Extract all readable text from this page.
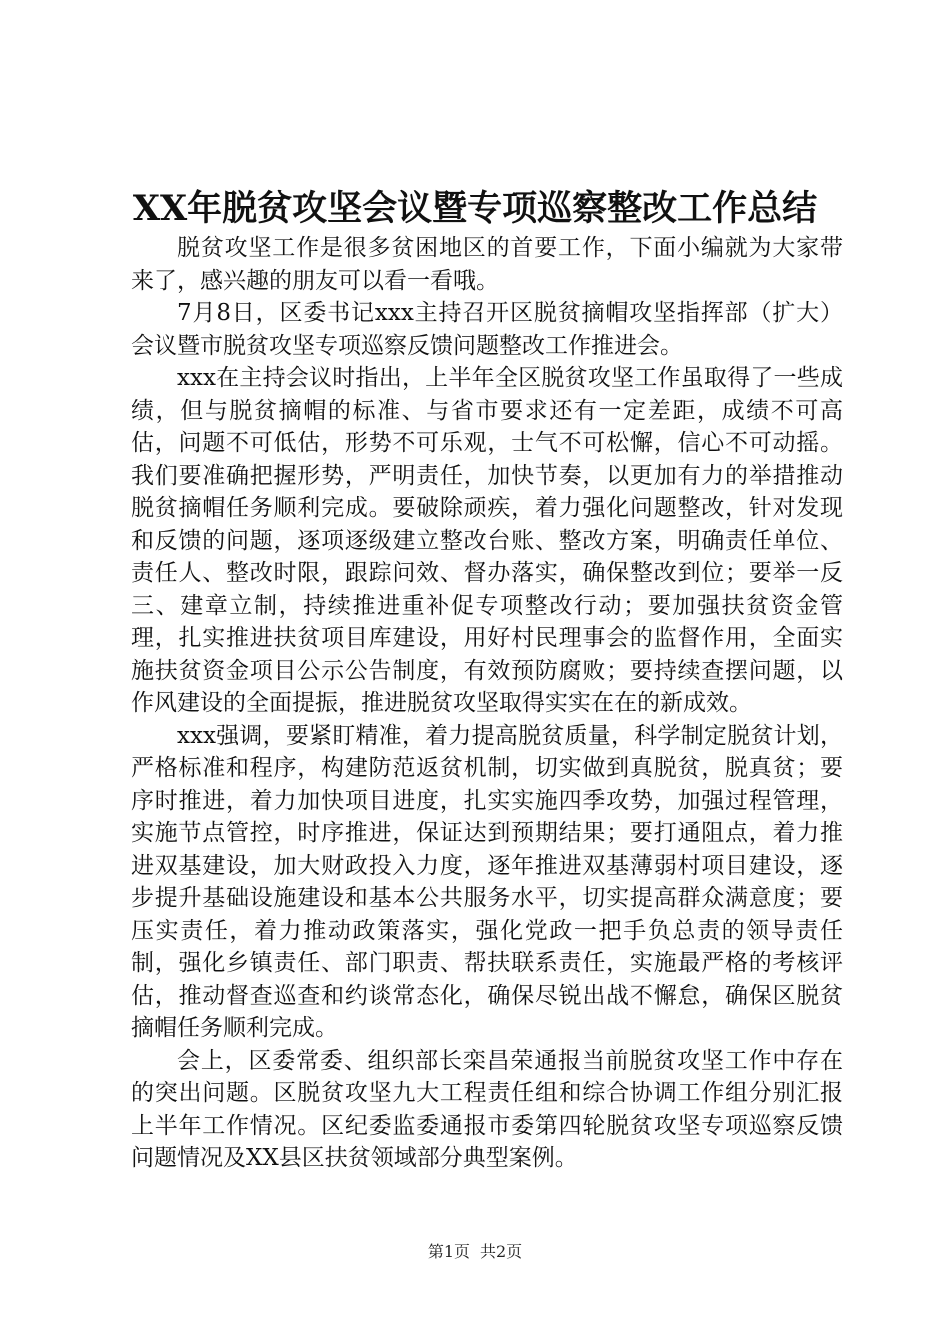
XX年脱贫攻坚会议暨专项巡察整改工作总结

脱贫攻坚工作是很多贫困地区的首要工作，下面小编就为大家带来了，感兴趣的朋友可以看一看哦。

7月8日，区委书记xxx主持召开区脱贫摘帽攻坚指挥部（扩大）会议暨市脱贫攻坚专项巡察反馈问题整改工作推进会。

xxx在主持会议时指出，上半年全区脱贫攻坚工作虽取得了一些成绩，但与脱贫摘帽的标准、与省市要求还有一定差距，成绩不可高估，问题不可低估，形势不可乐观，士气不可松懈，信心不可动摇。我们要准确把握形势，严明责任，加快节奏，以更加有力的举措推动脱贫摘帽任务顺利完成。要破除顽疾，着力强化问题整改，针对发现和反馈的问题，逐项逐级建立整改台账、整改方案，明确责任单位、责任人、整改时限，跟踪问效、督办落实，确保整改到位；要举一反三、建章立制，持续推进重补促专项整改行动；要加强扶贫资金管理，扎实推进扶贫项目库建设，用好村民理事会的监督作用，全面实施扶贫资金项目公示公告制度，有效预防腐败；要持续查摆问题，以作风建设的全面提振，推进脱贫攻坚取得实实在在的新成效。

xxx强调，要紧盯精准，着力提高脱贫质量，科学制定脱贫计划，严格标准和程序，构建防范返贫机制，切实做到真脱贫，脱真贫；要序时推进，着力加快项目进度，扎实实施四季攻势，加强过程管理，实施节点管控，时序推进，保证达到预期结果；要打通阻点，着力推进双基建设，加大财政投入力度，逐年推进双基薄弱村项目建设，逐步提升基础设施建设和基本公共服务水平，切实提高群众满意度；要压实责任，着力推动政策落实，强化党政一把手负总责的领导责任制，强化乡镇责任、部门职责、帮扶联系责任，实施最严格的考核评估，推动督查巡查和约谈常态化，确保尽锐出战不懈怠，确保区脱贫摘帽任务顺利完成。

会上，区委常委、组织部长栾昌荣通报当前脱贫攻坚工作中存在的突出问题。区脱贫攻坚九大工程责任组和综合协调工作组分别汇报上半年工作情况。区纪委监委通报市委第四轮脱贫攻坚专项巡察反馈问题情况及XX县区扶贫领域部分典型案例。

第1页 共2页
